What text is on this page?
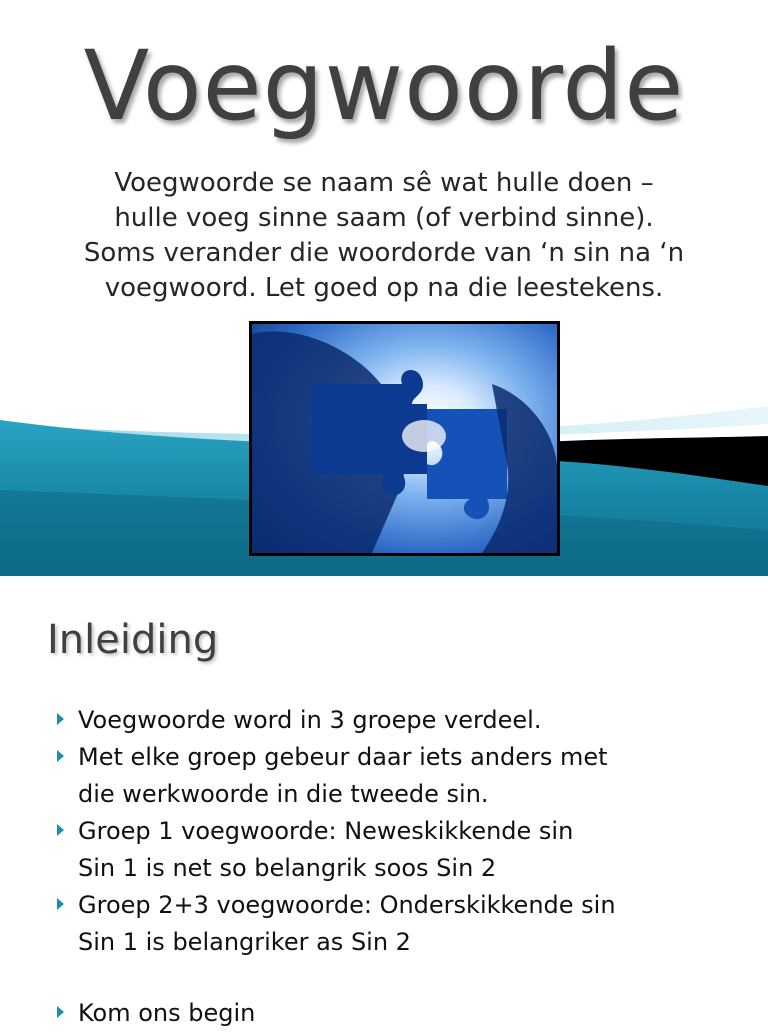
Voegwoorde
Voegwoorde se naam sê wat hulle doen –
hulle voeg sinne saam (of verbind sinne).
Soms verander die woordorde van ‘n sin na ‘n
voegwoord. Let goed op na die leestekens.
Inleiding
Voegwoorde word in 3 groepe verdeel.
Met elke groep gebeur daar iets anders met
die werkwoorde in die tweede sin.
Groep 1 voegwoorde: Neweskikkende sin
Sin 1 is net so belangrik soos Sin 2
Groep 2+3 voegwoorde: Onderskikkende sin
Sin 1 is belangriker as Sin 2
Kom ons begin
